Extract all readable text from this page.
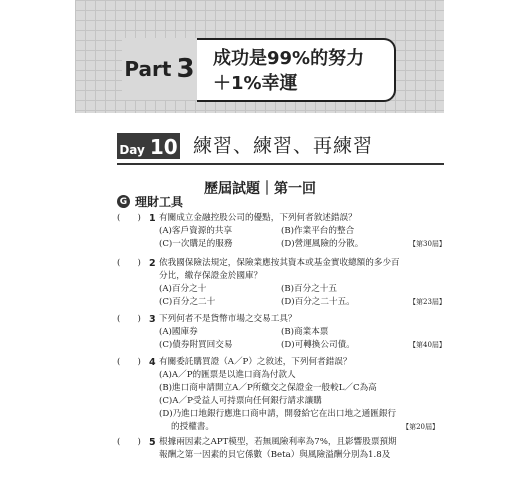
Part 3 成功是99%的努力
＋1%幸運
Day 10 練習、練習、再練習
歷屆試題｜第一回
G 理財工具
(　　) 1 有關成立金融控股公司的優點，下列何者敘述錯誤？
(A)客戶資源的共享	(B)作業平台的整合
(C)一次購足的服務	(D)營運風險的分散。	【第30屆】
(　　) 2 依我國保險法規定，保險業應按其資本或基金實收總額的多少百
分比，繳存保證金於國庫？
(A)百分之十	(B)百分之十五
(C)百分之二十	(D)百分之二十五。	【第23屆】
(　　) 3 下列何者不是貨幣市場之交易工具？
(A)國庫券	(B)商業本票
(C)債券附買回交易	(D)可轉換公司債。	【第40屆】
(　　) 4 有關委託購買證（A／P）之敘述，下列何者錯誤？
(A)A／P的匯票是以進口商為付款人
(B)進口商申請開立A／P所繳交之保證金一般較L／C為高
(C)A／P受益人可持票向任何銀行請求讓購
(D)乃進口地銀行應進口商申請，開發給它在出口地之通匯銀行
的授權書。	【第20屆】
(　　) 5 根據兩因素之APT模型，若無風險利率為7%，且影響股票預期
報酬之第一因素的貝它係數（Beta）與風險溢酬分別為1.8及
